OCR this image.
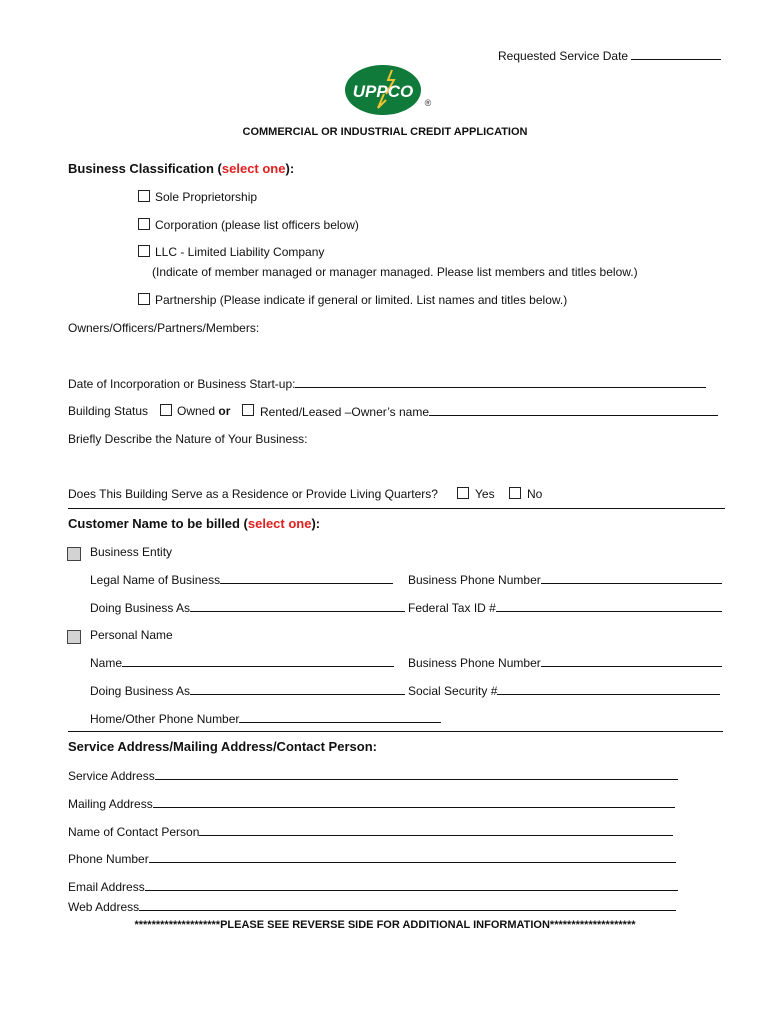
Requested Service Date
UPPCO
®
COMMERCIAL OR INDUSTRIAL CREDIT APPLICATION
Business Classification (select one):
Sole Proprietorship
Corporation (please list officers below)
LLC - Limited Liability Company
(Indicate of member managed or manager managed. Please list members and titles below.)
Partnership (Please indicate if general or limited. List names and titles below.)
Owners/Officers/Partners/Members:
Date of Incorporation or Business Start-up:
Building Status Owned or Rented/Leased –Owner’s name
Briefly Describe the Nature of Your Business:
Does This Building Serve as a Residence or Provide Living Quarters?	Yes	No
Customer Name to be billed (select one):
Business Entity
Legal Name of Business	Business Phone Number
Doing Business As	Federal Tax ID #
Personal Name
Name	Business Phone Number
Doing Business As	Social Security #
Home/Other Phone Number
Service Address/Mailing Address/Contact Person:
Service Address
Mailing Address
Name of Contact Person
Phone Number
Email Address
Web Address
********************PLEASE SEE REVERSE SIDE FOR ADDITIONAL INFORMATION********************
